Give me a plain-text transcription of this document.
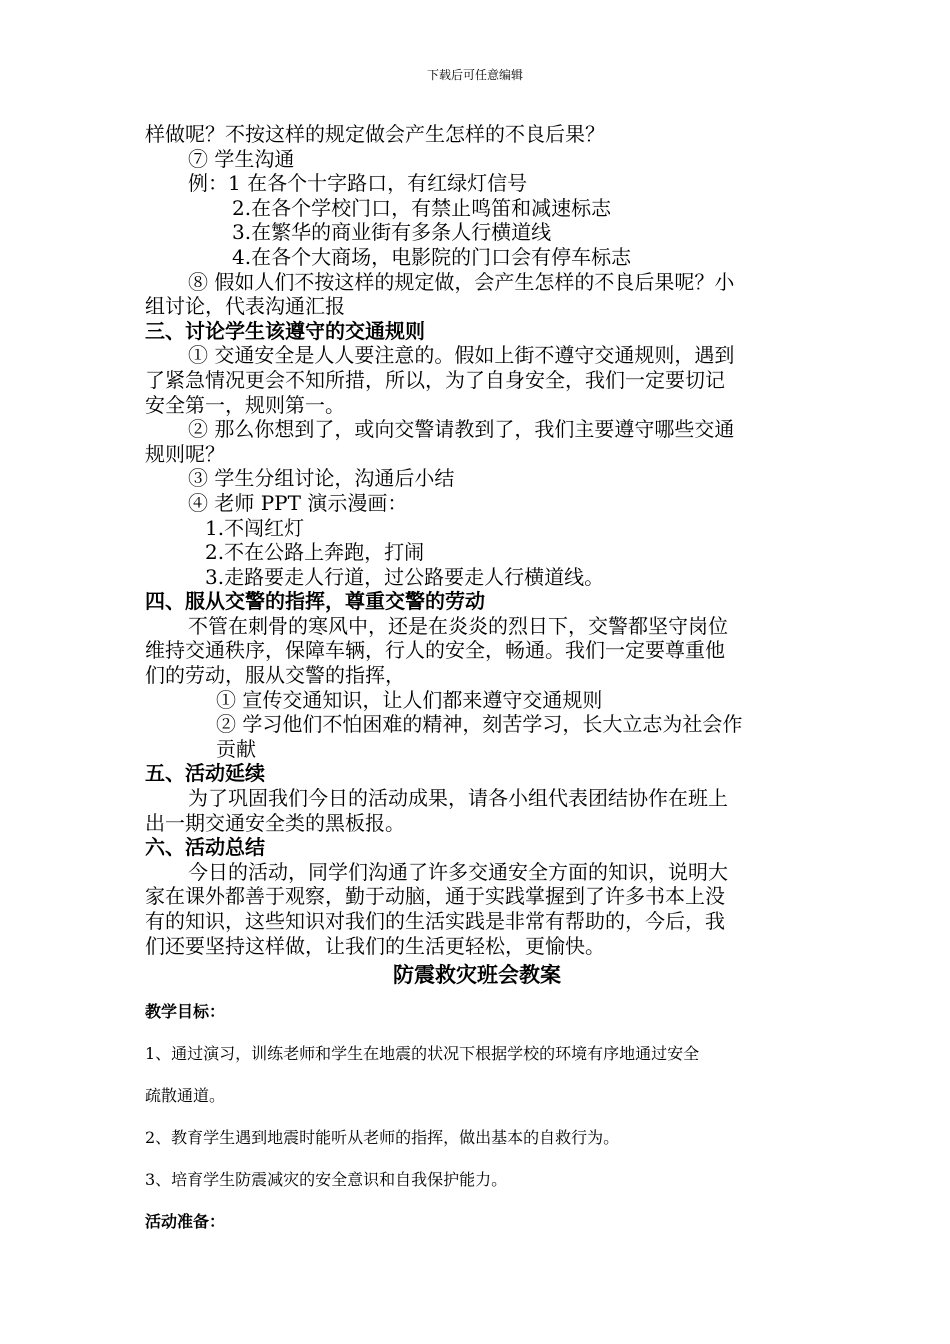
下载后可任意编辑
样做呢？不按这样的规定做会产生怎样的不良后果？
⑦ 学生沟通
例：1 在各个十字路口，有红绿灯信号
2.在各个学校门口，有禁止鸣笛和减速标志
3.在繁华的商业街有多条人行横道线
4.在各个大商场，电影院的门口会有停车标志
⑧ 假如人们不按这样的规定做，会产生怎样的不良后果呢？小
组讨论，代表沟通汇报
三、讨论学生该遵守的交通规则
① 交通安全是人人要注意的。假如上街不遵守交通规则，遇到
了紧急情况更会不知所措，所以，为了自身安全，我们一定要切记
安全第一，规则第一。
② 那么你想到了，或向交警请教到了，我们主要遵守哪些交通
规则呢？
③ 学生分组讨论，沟通后小结
④ 老师 PPT 演示漫画：
1.不闯红灯
2.不在公路上奔跑，打闹
3.走路要走人行道，过公路要走人行横道线。
四、服从交警的指挥，尊重交警的劳动
不管在刺骨的寒风中，还是在炎炎的烈日下，交警都坚守岗位
维持交通秩序，保障车辆，行人的安全，畅通。我们一定要尊重他
们的劳动，服从交警的指挥，
① 宣传交通知识，让人们都来遵守交通规则
② 学习他们不怕困难的精神，刻苦学习，长大立志为社会作
贡献
五、活动延续
为了巩固我们今日的活动成果，请各小组代表团结协作在班上
出一期交通安全类的黑板报。
六、活动总结
今日的活动，同学们沟通了许多交通安全方面的知识，说明大
家在课外都善于观察，勤于动脑，通于实践掌握到了许多书本上没
有的知识，这些知识对我们的生活实践是非常有帮助的，今后，我
们还要坚持这样做，让我们的生活更轻松，更愉快。
防震救灾班会教案
教学目标：
1、通过演习，训练老师和学生在地震的状况下根据学校的环境有序地通过安全
疏散通道。
2、教育学生遇到地震时能听从老师的指挥，做出基本的自救行为。
3、培育学生防震减灾的安全意识和自我保护能力。
活动准备：
